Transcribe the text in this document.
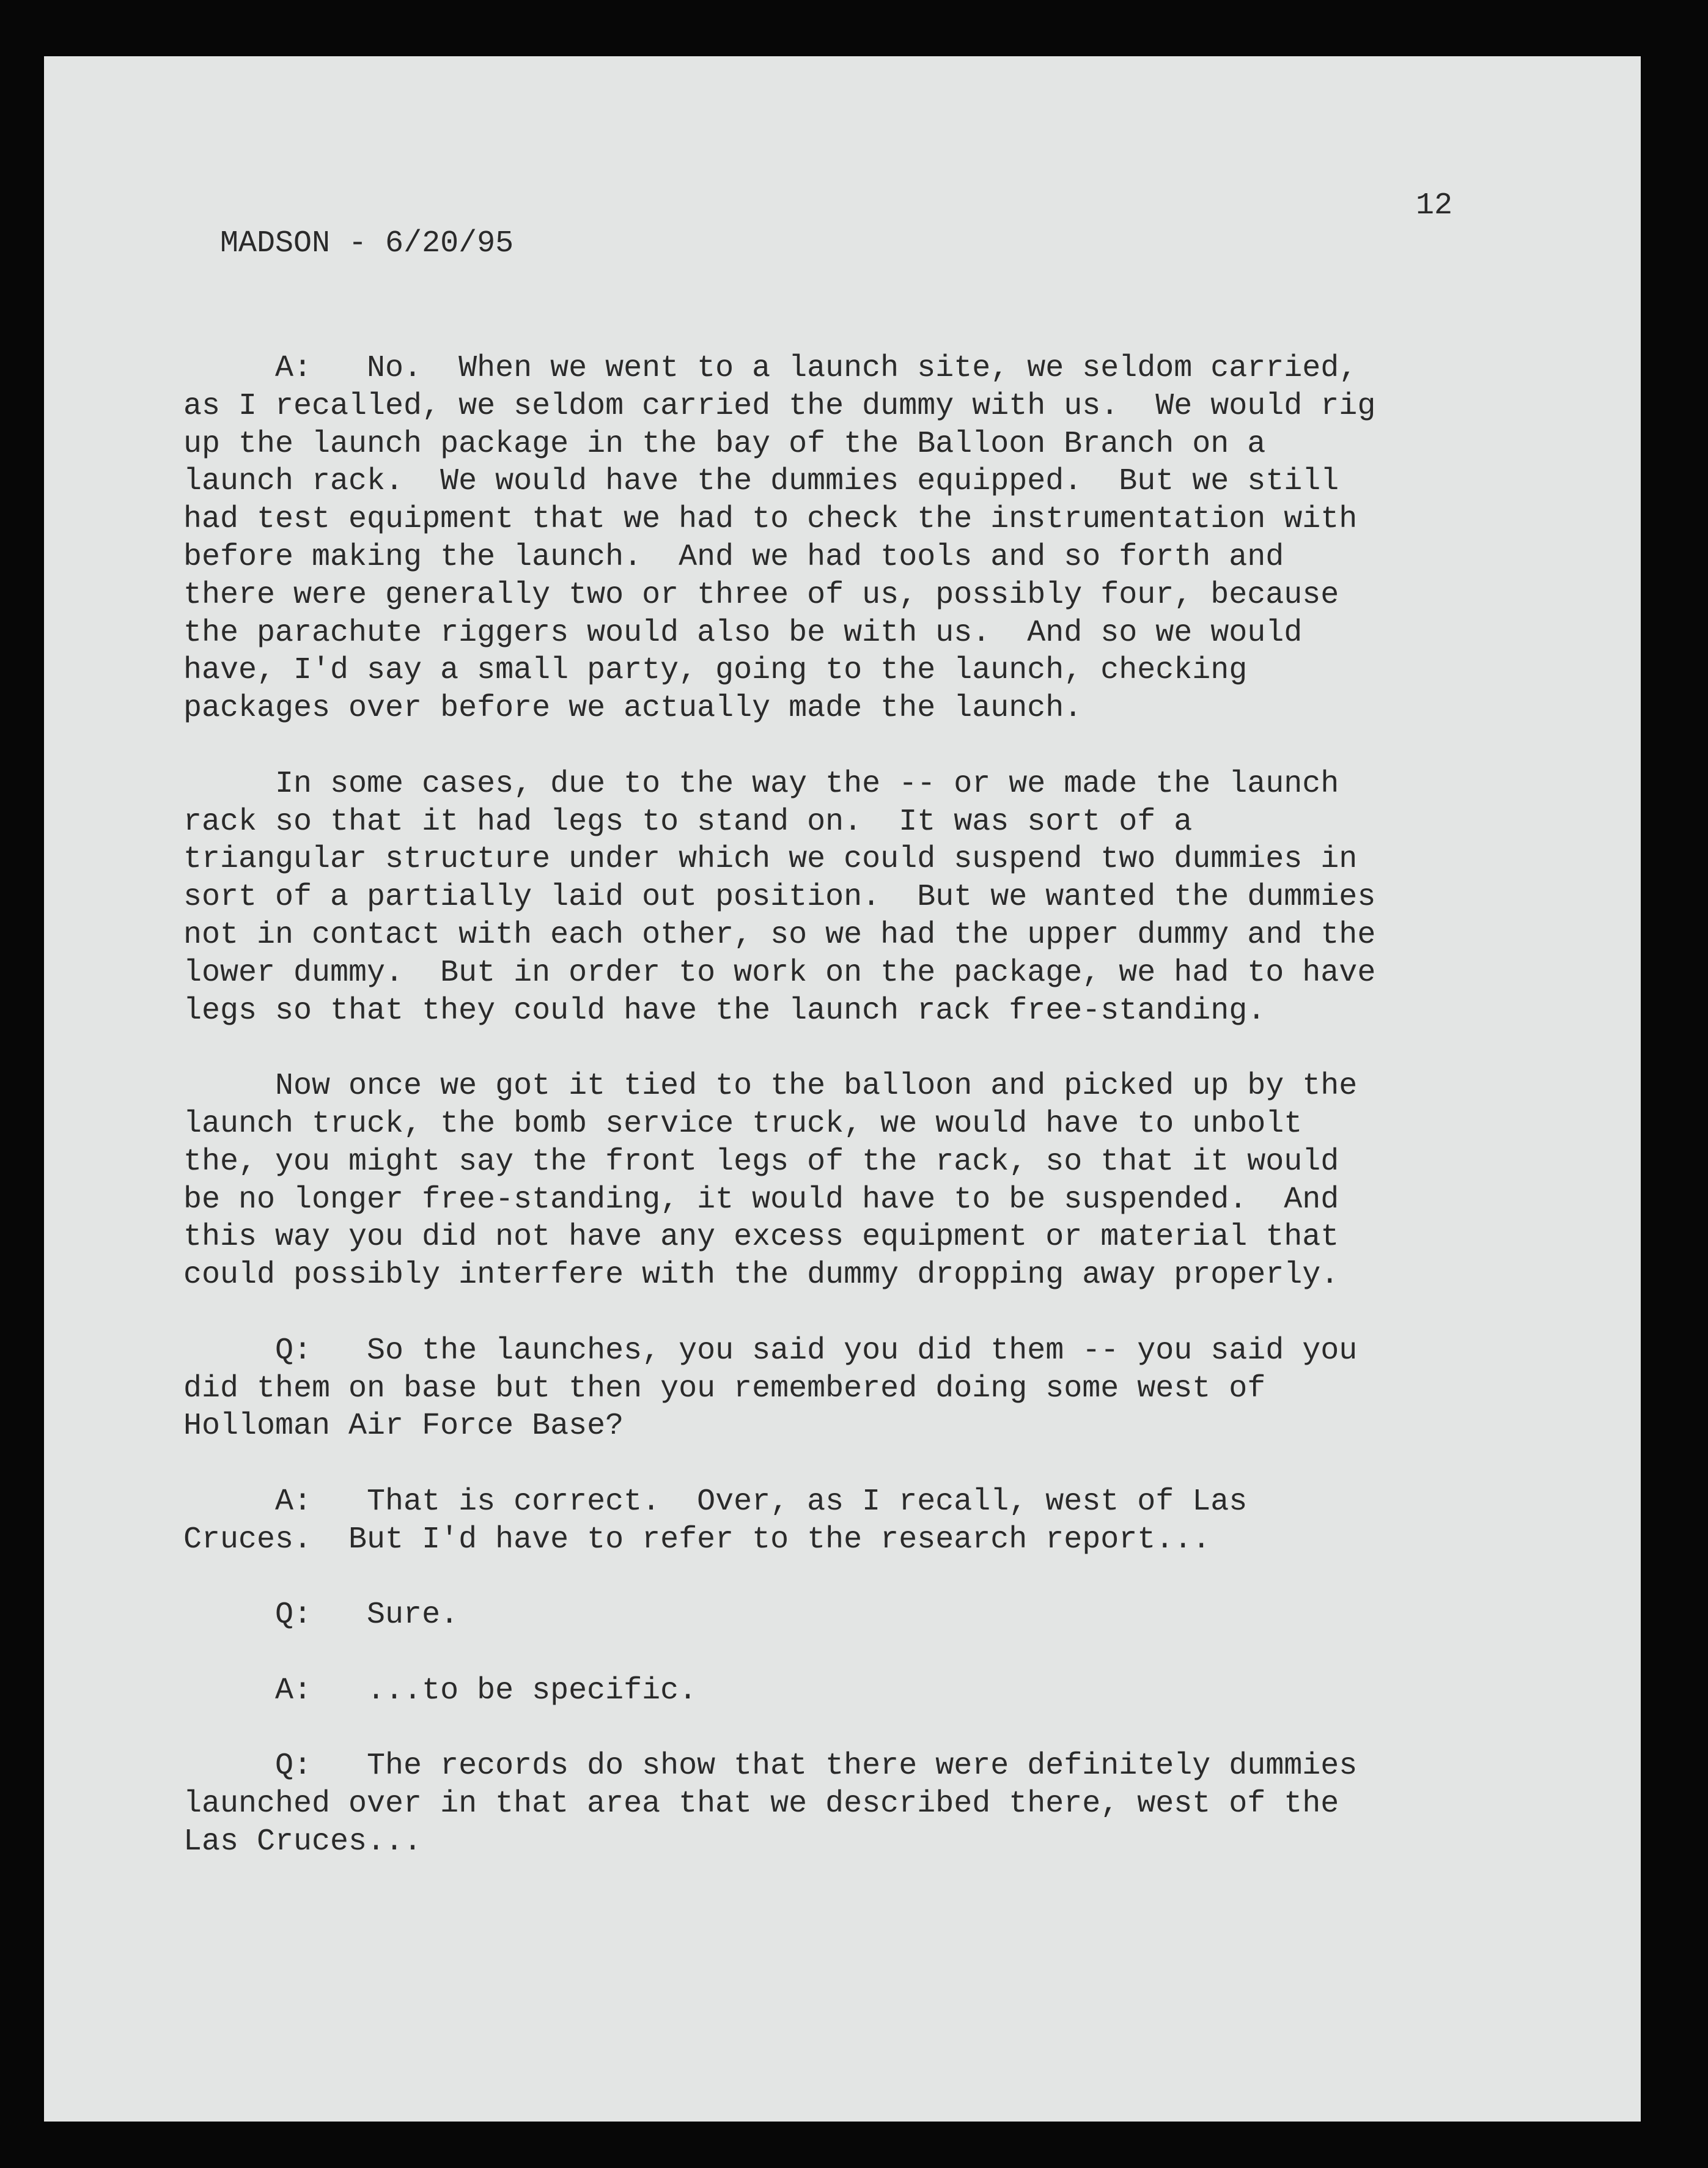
MADSON - 6/20/95

12

A:   No.  When we went to a launch site, we seldom carried,
as I recalled, we seldom carried the dummy with us.  We would rig
up the launch package in the bay of the Balloon Branch on a
launch rack.  We would have the dummies equipped.  But we still
had test equipment that we had to check the instrumentation with
before making the launch.  And we had tools and so forth and
there were generally two or three of us, possibly four, because
the parachute riggers would also be with us.  And so we would
have, I'd say a small party, going to the launch, checking
packages over before we actually made the launch.
In some cases, due to the way the -- or we made the launch
rack so that it had legs to stand on.  It was sort of a
triangular structure under which we could suspend two dummies in
sort of a partially laid out position.  But we wanted the dummies
not in contact with each other, so we had the upper dummy and the
lower dummy.  But in order to work on the package, we had to have
legs so that they could have the launch rack free-standing.
Now once we got it tied to the balloon and picked up by the
launch truck, the bomb service truck, we would have to unbolt
the, you might say the front legs of the rack, so that it would
be no longer free-standing, it would have to be suspended.  And
this way you did not have any excess equipment or material that
could possibly interfere with the dummy dropping away properly.
Q:   So the launches, you said you did them -- you said you
did them on base but then you remembered doing some west of
Holloman Air Force Base?
A:   That is correct.  Over, as I recall, west of Las
Cruces.  But I'd have to refer to the research report...
Q:   Sure.
A:   ...to be specific.
Q:   The records do show that there were definitely dummies
launched over in that area that we described there, west of the
Las Cruces...
